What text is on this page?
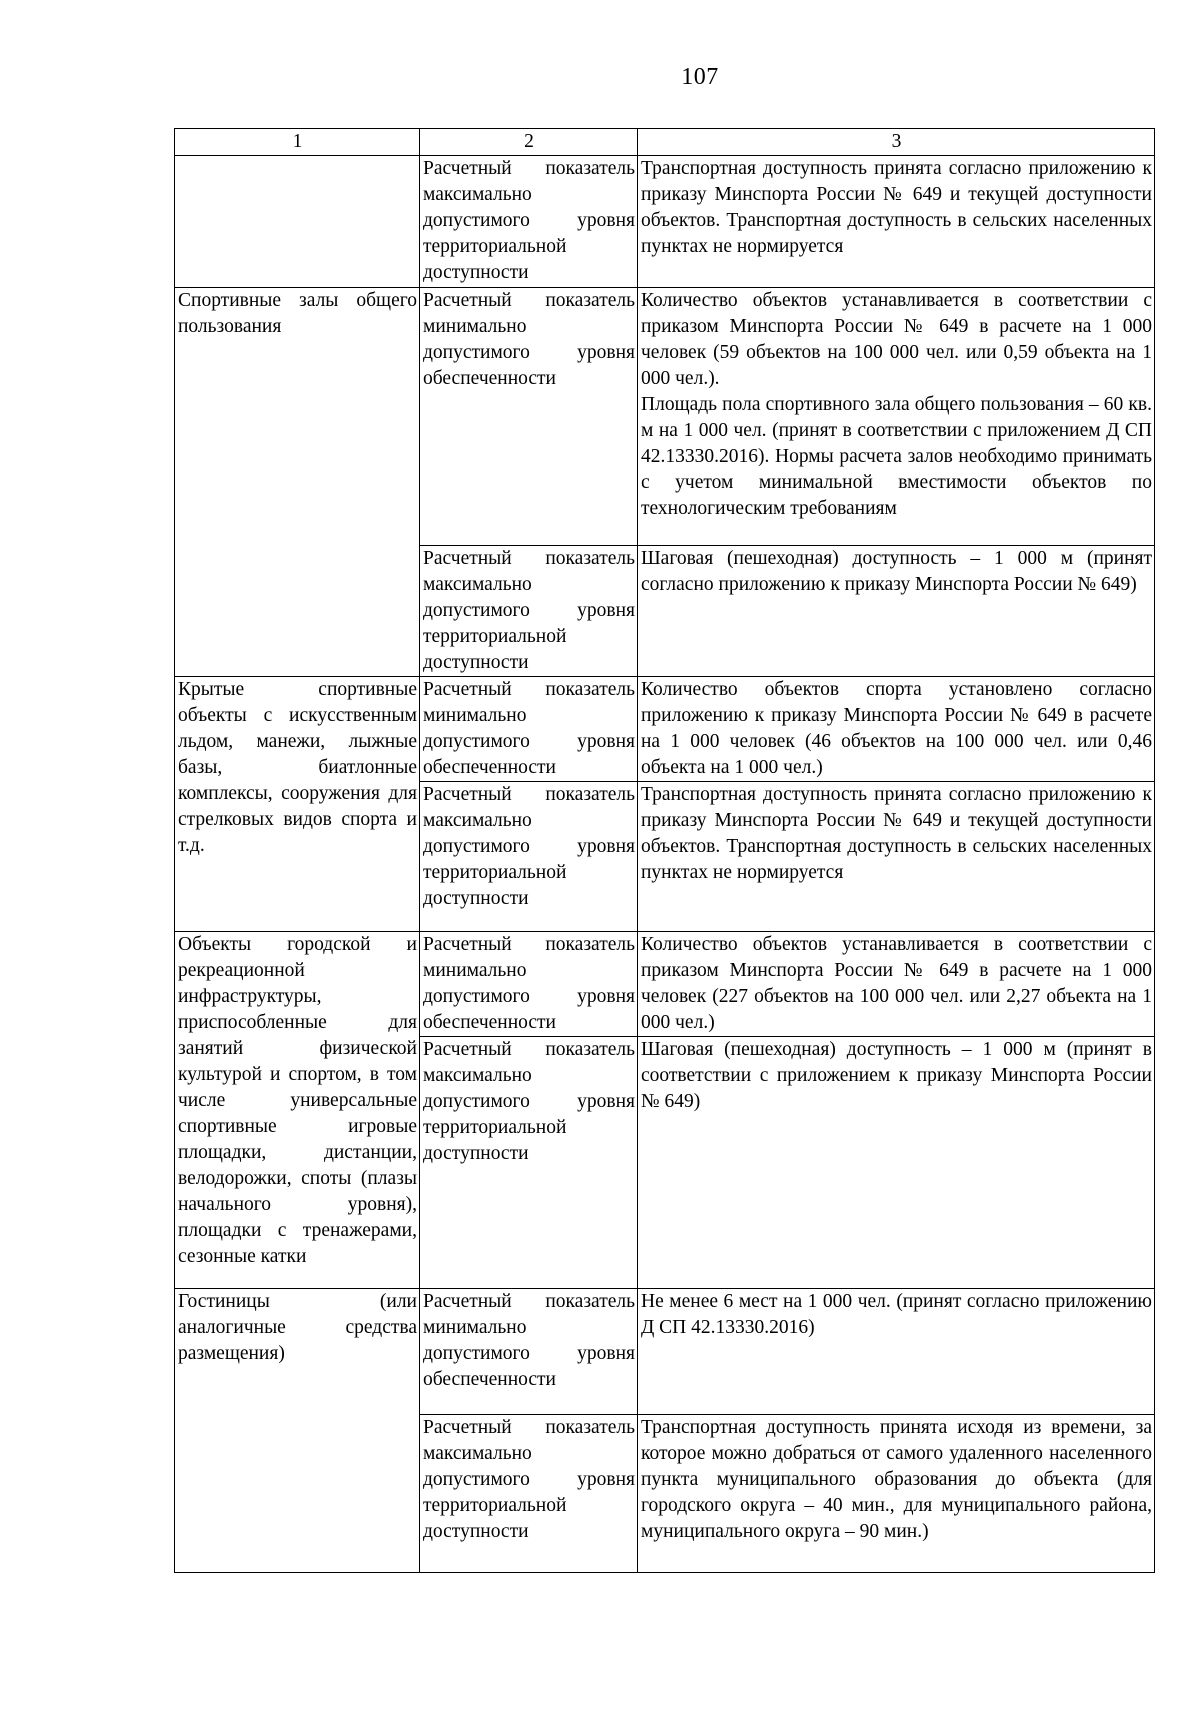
107
1	2	3
	Расчетный показатель максимально допустимого уровня территориальной доступности	Транспортная доступность принята согласно приложению к приказу Минспорта России № 649 и текущей доступности объектов. Транспортная доступность в сельских населенных пунктах не нормируется
Спортивные залы общего пользования	Расчетный показатель минимально допустимого уровня обеспеченности	Количество объектов устанавливается в соответствии с приказом Минспорта России № 649 в расчете на 1 000 человек (59 объектов на 100 000 чел. или 0,59 объекта на 1 000 чел.).
Площадь пола спортивного зала общего пользования – 60 кв. м на 1 000 чел. (принят в соответствии с приложением Д СП 42.13330.2016). Нормы расчета залов необходимо принимать с учетом минимальной вместимости объектов по технологическим требованиям

	Расчетный показатель максимально допустимого уровня территориальной доступности	Шаговая (пешеходная) доступность – 1 000 м (принят согласно приложению к приказу Минспорта России № 649)
Крытые спортивные объекты с искусственным льдом, манежи, лыжные базы, биатлонные комплексы, сооружения для стрелковых видов спорта и т.д.	Расчетный показатель минимально допустимого уровня обеспеченности	Количество объектов спорта установлено согласно приложению к приказу Минспорта России № 649 в расчете на 1 000 человек (46 объектов на 100 000 чел. или 0,46 объекта на 1 000 чел.)
	Расчетный показатель максимально допустимого уровня территориальной доступности	Транспортная доступность принята согласно приложению к приказу Минспорта России № 649 и текущей доступности объектов. Транспортная доступность в сельских населенных пунктах не нормируется
Объекты городской и рекреационной инфраструктуры, приспособленные для занятий физической культурой и спортом, в том числе универсальные спортивные игровые площадки, дистанции, велодорожки, споты (плазы начального уровня), площадки с тренажерами, сезонные катки	Расчетный показатель минимально допустимого уровня обеспеченности	Количество объектов устанавливается в соответствии с приказом Минспорта России № 649 в расчете на 1 000 человек (227 объектов на 100 000 чел. или 2,27 объекта на 1 000 чел.)
	Расчетный показатель максимально допустимого уровня территориальной доступности	Шаговая (пешеходная) доступность – 1 000 м (принят в соответствии с приложением к приказу Минспорта России № 649)
Гостиницы (или аналогичные средства размещения)	Расчетный показатель минимально допустимого уровня обеспеченности	Не менее 6 мест на 1 000 чел. (принят согласно приложению Д СП 42.13330.2016)
	Расчетный показатель максимально допустимого уровня территориальной доступности	Транспортная доступность принята исходя из времени, за которое можно добраться от самого удаленного населенного пункта муниципального образования до объекта (для городского округа – 40 мин., для муниципального района, муниципального округа – 90 мин.)
